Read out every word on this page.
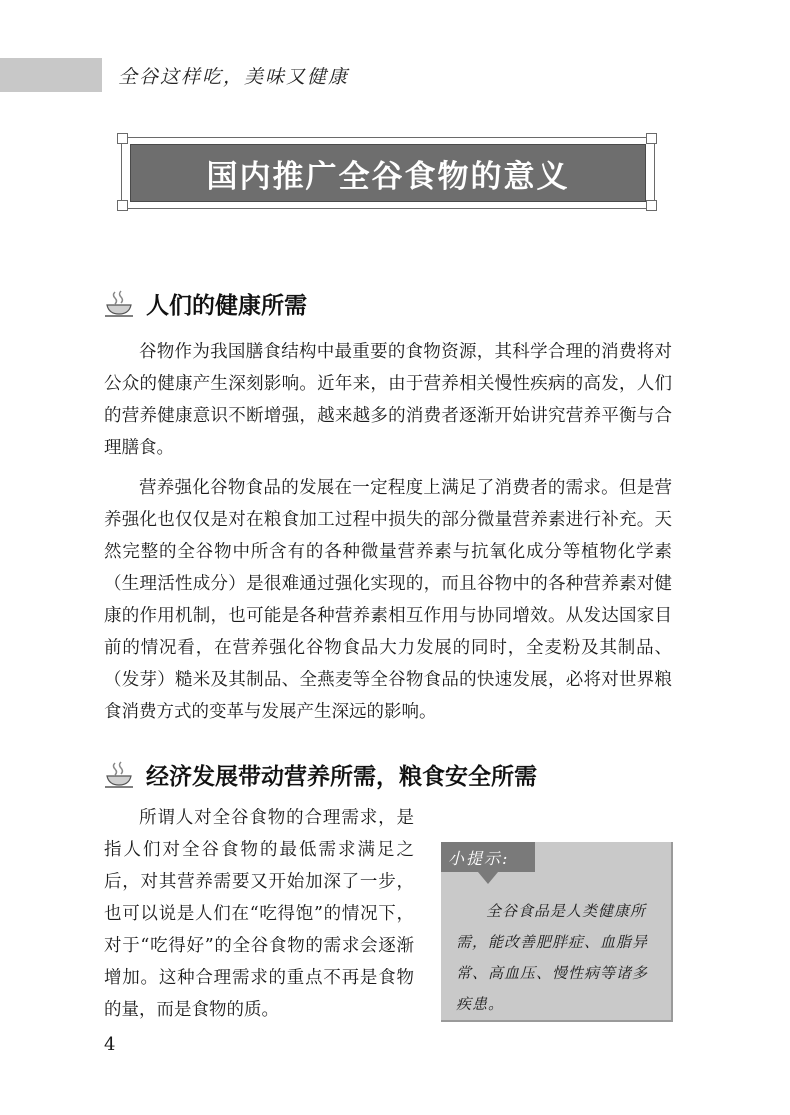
全谷这样吃，美味又健康
国内推广全谷食物的意义
人们的健康所需

谷物作为我国膳食结构中最重要的食物资源，其科学合理的消费将对公众的健康产生深刻影响。近年来，由于营养相关慢性疾病的高发，人们的营养健康意识不断增强，越来越多的消费者逐渐开始讲究营养平衡与合理膳食。

营养强化谷物食品的发展在一定程度上满足了消费者的需求。但是营养强化也仅仅是对在粮食加工过程中损失的部分微量营养素进行补充。天然完整的全谷物中所含有的各种微量营养素与抗氧化成分等植物化学素（生理活性成分）是很难通过强化实现的，而且谷物中的各种营养素对健康的作用机制，也可能是各种营养素相互作用与协同增效。从发达国家目前的情况看，在营养强化谷物食品大力发展的同时，全麦粉及其制品、（发芽）糙米及其制品、全燕麦等全谷物食品的快速发展，必将对世界粮食消费方式的变革与发展产生深远的影响。

经济发展带动营养所需，粮食安全所需

所谓人对全谷食物的合理需求，是指人们对全谷食物的最低需求满足之后，对其营养需要又开始加深了一步，也可以说是人们在“吃得饱”的情况下，对于“吃得好”的全谷食物的需求会逐渐增加。这种合理需求的重点不再是食物的量，而是食物的质。

小提示:

全谷食品是人类健康所需，能改善肥胖症、血脂异常、高血压、慢性病等诸多疾患。

4
